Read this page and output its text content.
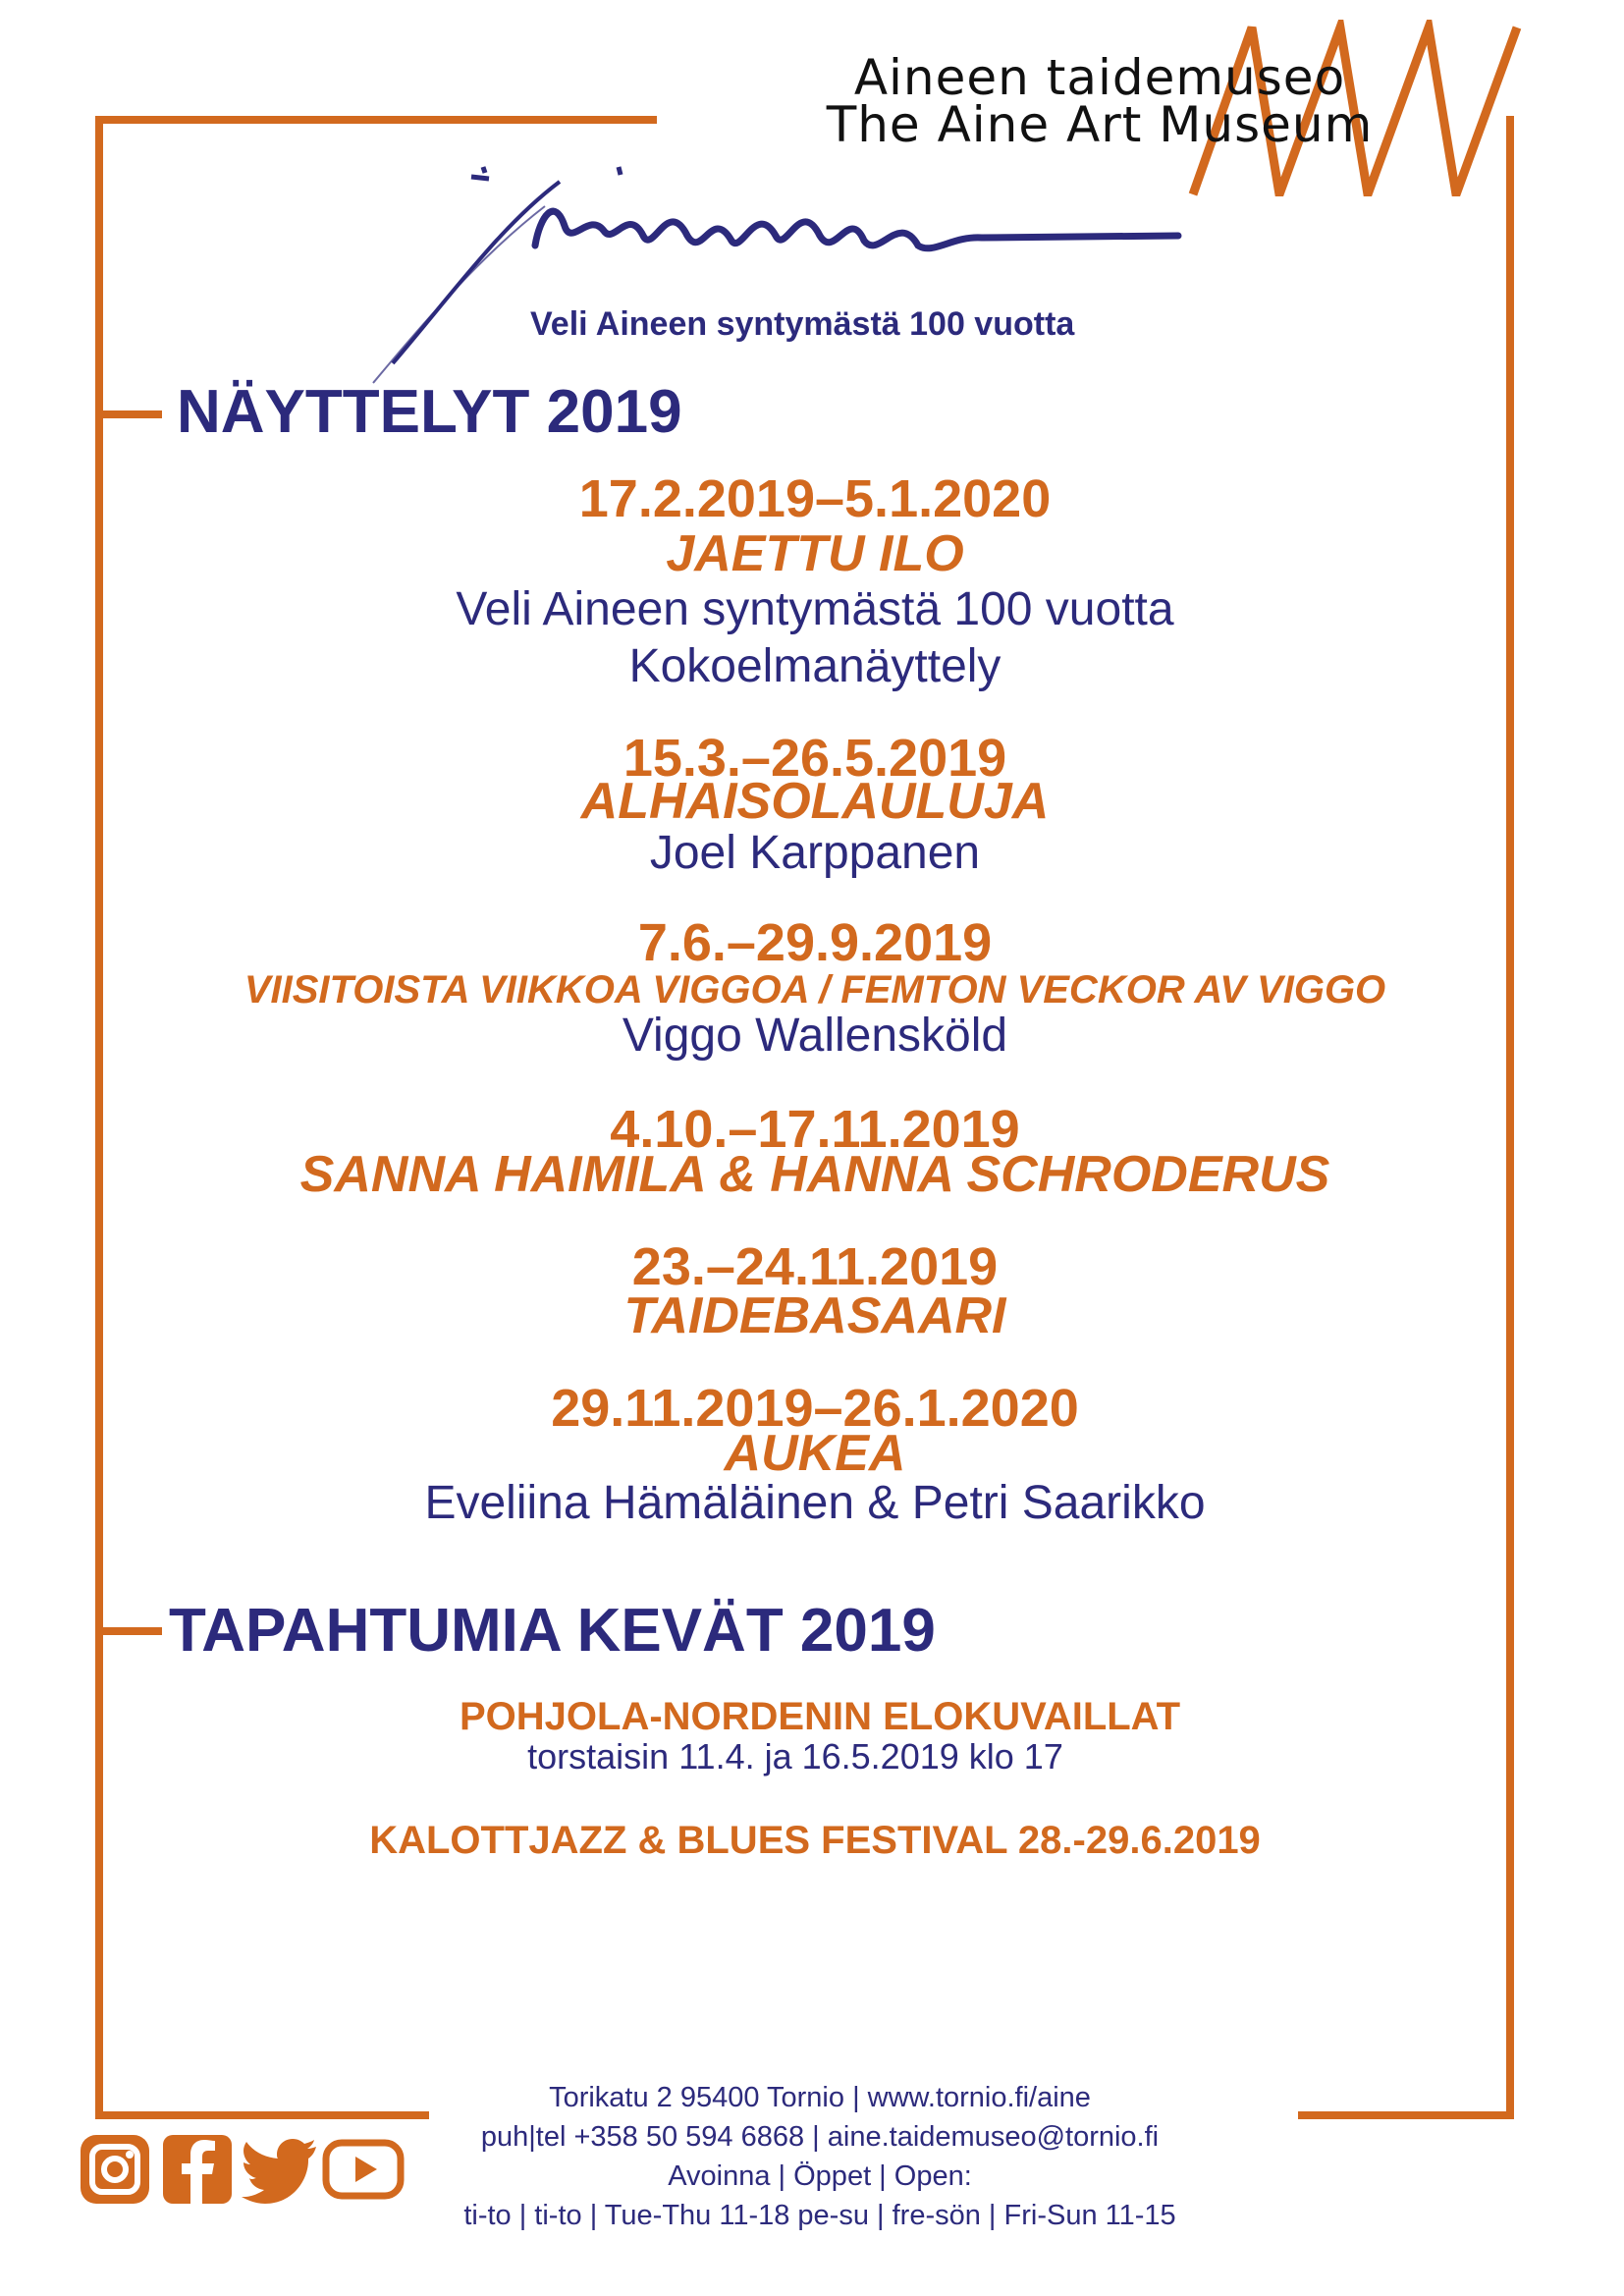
Aineen taidemuseo
The Aine Art Museum
Veli Aineen syntymästä 100 vuotta
NÄYTTELYT 2019
17.2.2019–5.1.2020
JAETTU ILO
Veli Aineen syntymästä 100 vuotta
Kokoelmanäyttely
15.3.–26.5.2019
ALHAISOLAULUJA
Joel Karppanen
7.6.–29.9.2019
VIISITOISTA VIIKKOA VIGGOA / FEMTON VECKOR AV VIGGO
Viggo Wallensköld
4.10.–17.11.2019
SANNA HAIMILA & HANNA SCHRODERUS
23.–24.11.2019
TAIDEBASAARI
29.11.2019–26.1.2020
AUKEA
Eveliina Hämäläinen & Petri Saarikko
TAPAHTUMIA KEVÄT 2019
POHJOLA-NORDENIN ELOKUVAILLAT
torstaisin 11.4. ja 16.5.2019 klo 17
KALOTTJAZZ & BLUES FESTIVAL 28.-29.6.2019
Torikatu 2 95400 Tornio | www.tornio.fi/aine
puh|tel +358 50 594 6868 | aine.taidemuseo@tornio.fi
Avoinna | Öppet | Open:
ti-to | ti-to | Tue-Thu 11-18 pe-su | fre-sön | Fri-Sun 11-15
